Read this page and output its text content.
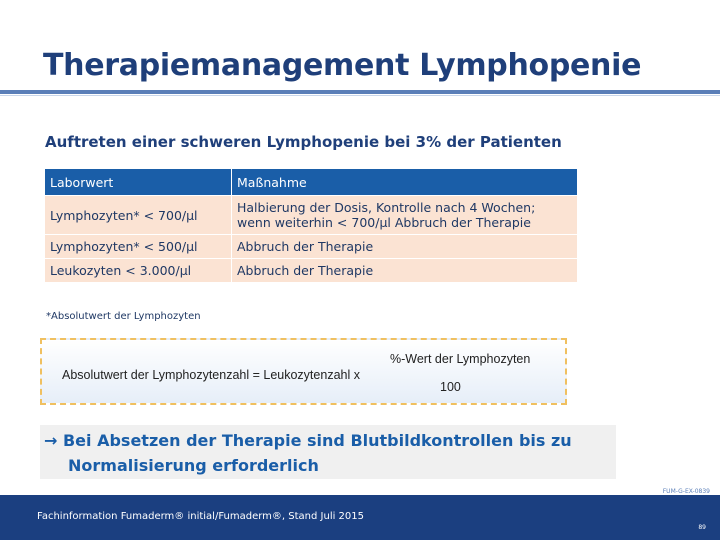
Therapiemanagement Lymphopenie
Auftreten einer schweren Lymphopenie bei 3% der Patienten
Laborwert	Maßnahme
Lymphozyten* < 700/µl	Halbierung der Dosis, Kontrolle nach 4 Wochen;
wenn weiterhin < 700/µl Abbruch der Therapie

Lymphozyten* < 500/µl	Abbruch der Therapie
Leukozyten < 3.000/µl	Abbruch der Therapie
*Absolutwert der Lymphozyten
Absolutwert der Lymphozytenzahl = Leukozytenzahl x
%-Wert der Lymphozyten
100
→ Bei Absetzen der Therapie sind Blutbildkontrollen bis zu
Normalisierung erforderlich
FUM-G-EX-0839
Fachinformation Fumaderm® initial/Fumaderm®, Stand Juli 2015
89
